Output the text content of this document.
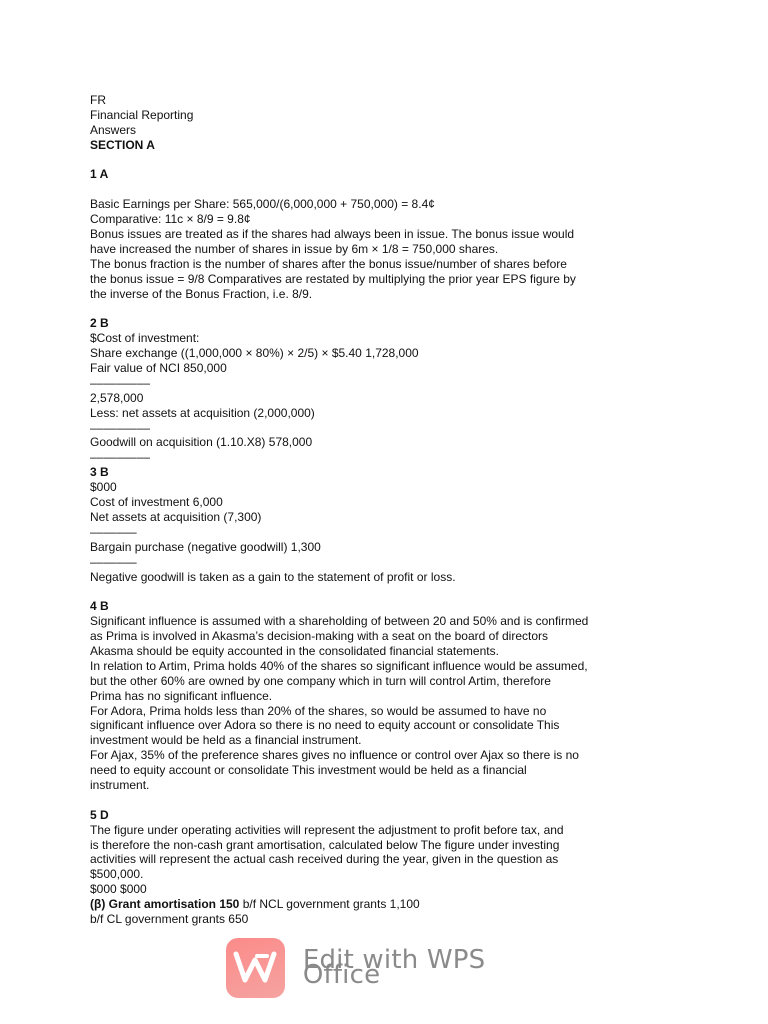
FR
Financial Reporting
Answers
SECTION A
1 A
Basic Earnings per Share: 565,000/(6,000,000 + 750,000) = 8.4¢
Comparative: 11c × 8/9 = 9.8¢
Bonus issues are treated as if the shares had always been in issue. The bonus issue would
have increased the number of shares in issue by 6m × 1/8 = 750,000 shares.
The bonus fraction is the number of shares after the bonus issue/number of shares before
the bonus issue = 9/8 Comparatives are restated by multiplying the prior year EPS figure by
the inverse of the Bonus Fraction, i.e. 8/9.
2 B
$Cost of investment:
Share exchange ((1,000,000 × 80%) × 2/5) × $5.40 1,728,000
Fair value of NCI 850,000
–––––––––
2,578,000
Less: net assets at acquisition (2,000,000)
–––––––––
Goodwill on acquisition (1.10.X8) 578,000
–––––––––
3 B
$000
Cost of investment 6,000
Net assets at acquisition (7,300)
–––––––
Bargain purchase (negative goodwill) 1,300
–––––––
Negative goodwill is taken as a gain to the statement of profit or loss.
4 B
Significant influence is assumed with a shareholding of between 20 and 50% and is confirmed
as Prima is involved in Akasma’s decision-making with a seat on the board of directors
Akasma should be equity accounted in the consolidated financial statements.
In relation to Artim, Prima holds 40% of the shares so significant influence would be assumed,
but the other 60% are owned by one company which in turn will control Artim, therefore
Prima has no significant influence.
For Adora, Prima holds less than 20% of the shares, so would be assumed to have no
significant influence over Adora so there is no need to equity account or consolidate This
investment would be held as a financial instrument.
For Ajax, 35% of the preference shares gives no influence or control over Ajax so there is no
need to equity account or consolidate This investment would be held as a financial
instrument.
5 D
The figure under operating activities will represent the adjustment to profit before tax, and
is therefore the non-cash grant amortisation, calculated below The figure under investing
activities will represent the actual cash received during the year, given in the question as
$500,000.
$000 $000
(β) Grant amortisation 150 b/f NCL government grants 1,100
b/f CL government grants 650
Edit with WPS Office
